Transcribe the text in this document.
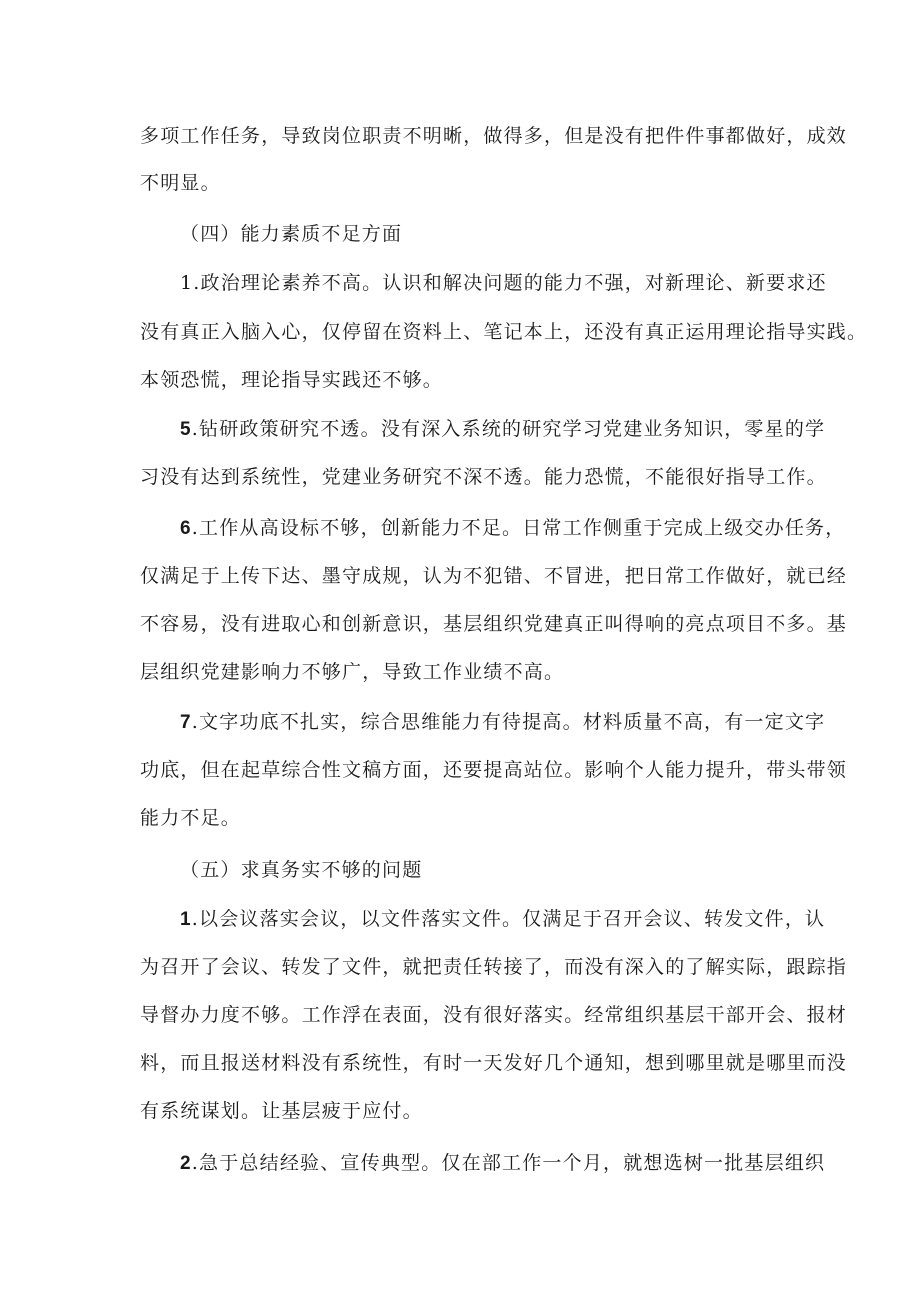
多项工作任务，导致岗位职责不明晰，做得多，但是没有把件件事都做好，成效
不明显。
（四）能力素质不足方面
1.政治理论素养不高。认识和解决问题的能力不强，对新理论、新要求还
没有真正入脑入心，仅停留在资料上、笔记本上，还没有真正运用理论指导实践。
本领恐慌，理论指导实践还不够。
5.钻研政策研究不透。没有深入系统的研究学习党建业务知识，零星的学
习没有达到系统性，党建业务研究不深不透。能力恐慌，不能很好指导工作。
6.工作从高设标不够，创新能力不足。日常工作侧重于完成上级交办任务，
仅满足于上传下达、墨守成规，认为不犯错、不冒进，把日常工作做好，就已经
不容易，没有进取心和创新意识，基层组织党建真正叫得响的亮点项目不多。基
层组织党建影响力不够广，导致工作业绩不高。
7.文字功底不扎实，综合思维能力有待提高。材料质量不高，有一定文字
功底，但在起草综合性文稿方面，还要提高站位。影响个人能力提升，带头带领
能力不足。
（五）求真务实不够的问题
1.以会议落实会议，以文件落实文件。仅满足于召开会议、转发文件，认
为召开了会议、转发了文件，就把责任转接了，而没有深入的了解实际，跟踪指
导督办力度不够。工作浮在表面，没有很好落实。经常组织基层干部开会、报材
料，而且报送材料没有系统性，有时一天发好几个通知，想到哪里就是哪里而没
有系统谋划。让基层疲于应付。
2.急于总结经验、宣传典型。仅在部工作一个月，就想选树一批基层组织
